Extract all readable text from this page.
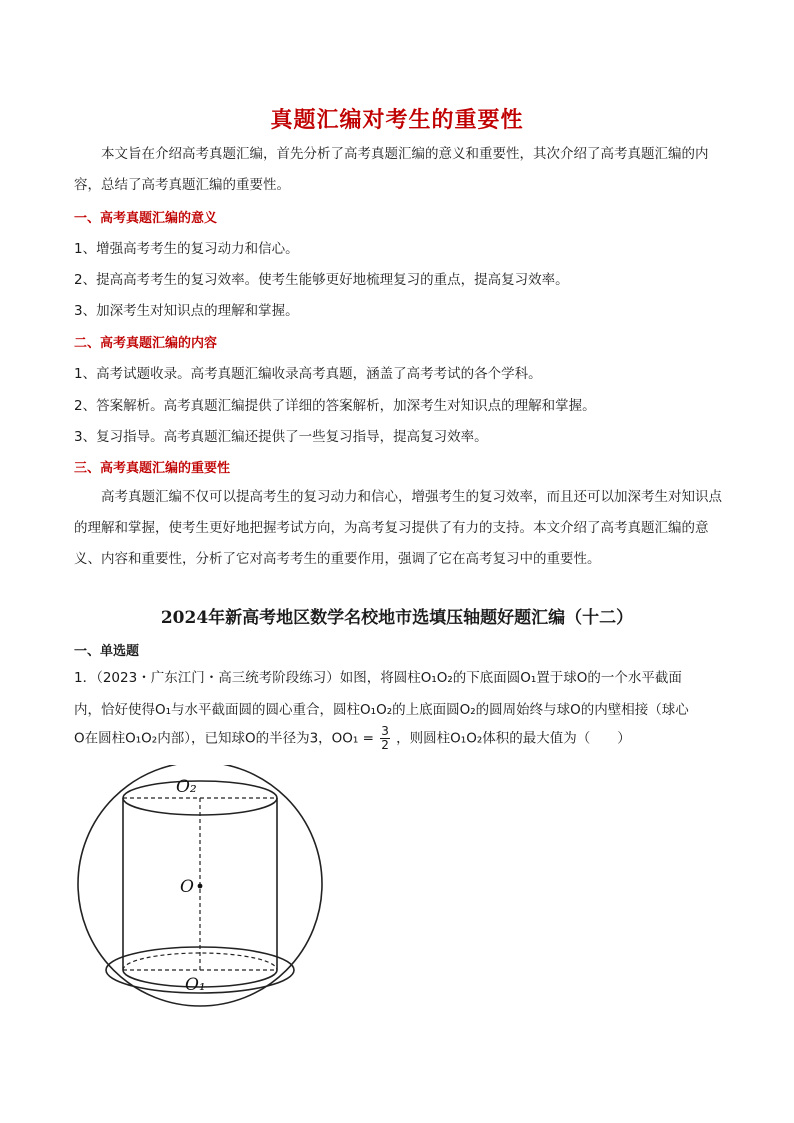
真题汇编对考生的重要性
本文旨在介绍高考真题汇编，首先分析了高考真题汇编的意义和重要性，其次介绍了高考真题汇编的内容，总结了高考真题汇编的重要性。
一、高考真题汇编的意义
1、增强高考考生的复习动力和信心。
2、提高高考考生的复习效率。使考生能够更好地梳理复习的重点，提高复习效率。
3、加深考生对知识点的理解和掌握。
二、高考真题汇编的内容
1、高考试题收录。高考真题汇编收录高考真题，涵盖了高考考试的各个学科。
2、答案解析。高考真题汇编提供了详细的答案解析，加深考生对知识点的理解和掌握。
3、复习指导。高考真题汇编还提供了一些复习指导，提高复习效率。
三、高考真题汇编的重要性
高考真题汇编不仅可以提高考生的复习动力和信心，增强考生的复习效率，而且还可以加深考生对知识点的理解和掌握，使考生更好地把握考试方向，为高考复习提供了有力的支持。本文介绍了高考真题汇编的意义、内容和重要性，分析了它对高考考生的重要作用，强调了它在高考复习中的重要性。
2024年新高考地区数学名校地市选填压轴题好题汇编（十二）
一、单选题
1．（2023・广东江门・高三统考阶段练习）如图，将圆柱O₁O₂的下底面圆O₁置于球O的一个水平截面
内，恰好使得O₁与水平截面圆的圆心重合，圆柱O₁O₂的上底面圆O₂的圆周始终与球O的内壁相接（球心
O在圆柱O₁O₂内部），已知球O的半径为3，$OO_1 = \frac{3}{2}$ ，则圆柱O₁O₂体积的最大值为（　　）
O₂
O
O₁
